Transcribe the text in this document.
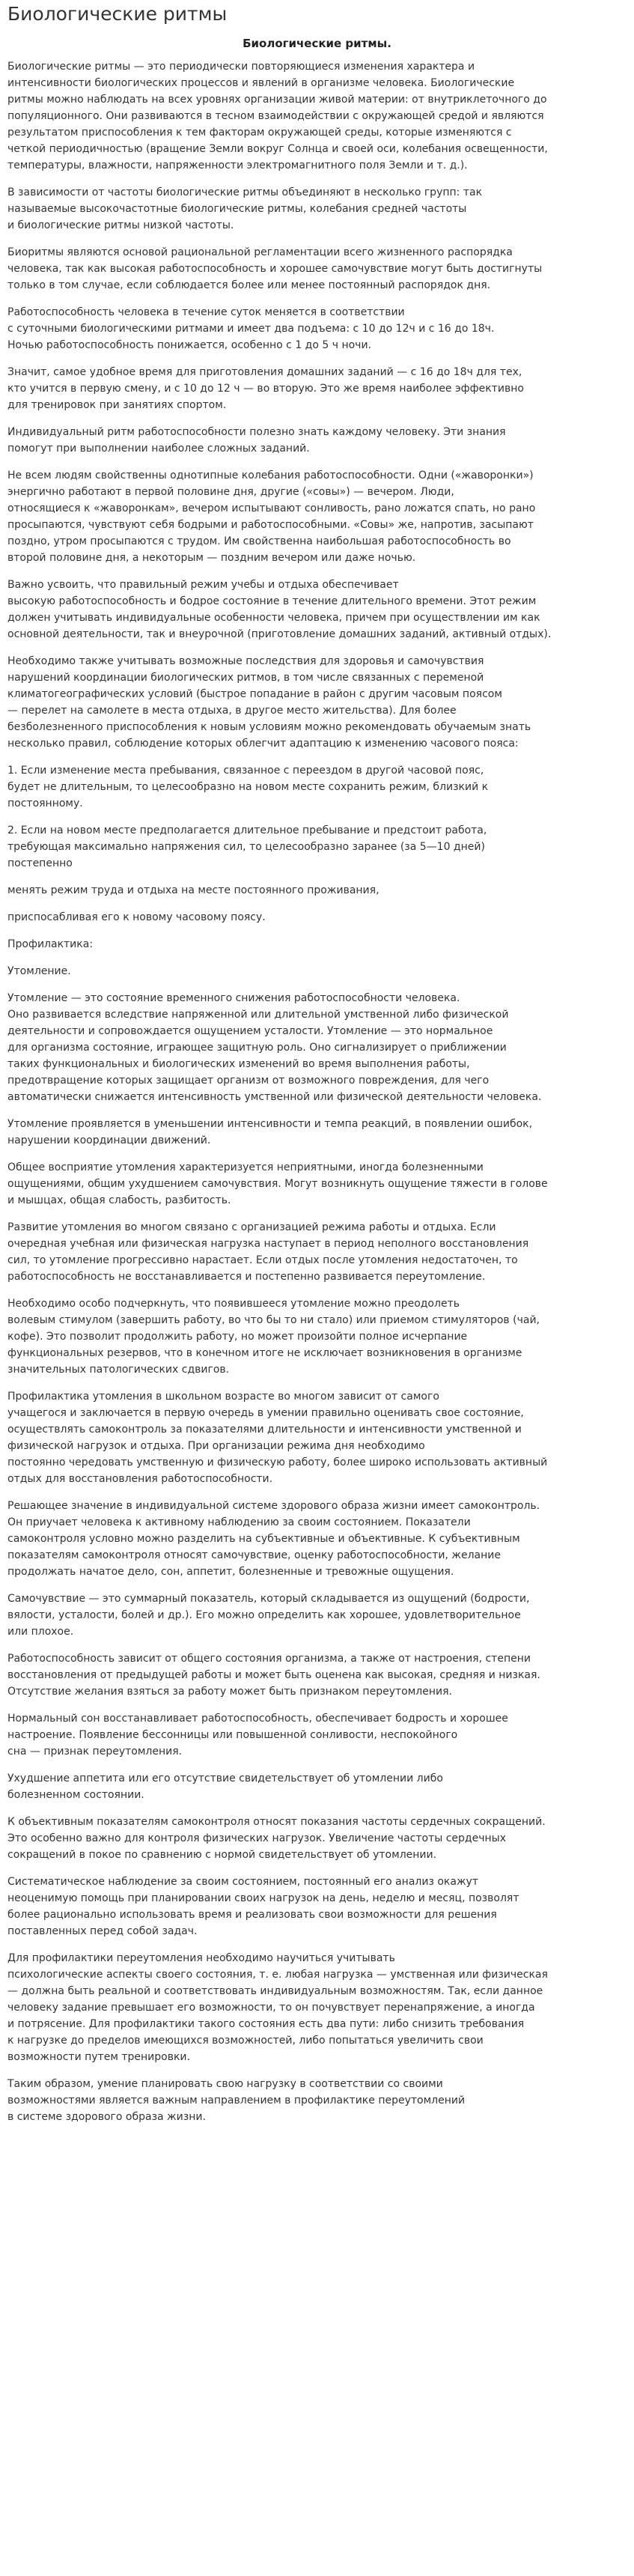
Биологические ритмы
Биологические ритмы.
Биологические ритмы — это периодически повторяющиеся изменения характера и
интенсивности биологических процессов и явлений в организме человека. Биологические
ритмы можно наблюдать на всех уровнях организации живой материи: от внутриклеточного до
популяционного. Они развиваются в тесном взаимодействии с окружающей средой и являются
результатом приспособления к тем факторам окружающей среды, которые изменяются с
четкой периодичностью (вращение Земли вокруг Солнца и своей оси, колебания освещенности,
температуры, влажности, напряженности электромагнитного поля Земли и т. д.).
В зависимости от частоты биологические ритмы объединяют в несколько групп: так
называемые высокочастотные биологические ритмы, колебания средней частоты
и биологические ритмы низкой частоты.
Биоритмы являются основой рациональной регламентации всего жизненного распорядка
человека, так как высокая работоспособность и хорошее самочувствие могут быть достигнуты
только в том случае, если соблюдается более или менее постоянный распорядок дня.
Работоспособность человека в течение суток меняется в соответствии
с суточными биологическими ритмами и имеет два подъема: с 10 до 12ч и с 16 до 18ч.
Ночью работоспособность понижается, особенно с 1 до 5 ч ночи.
Значит, самое удобное время для приготовления домашних заданий — с 16 до 18ч для тех,
кто учится в первую смену, и с 10 до 12 ч — во вторую. Это же время наиболее эффективно
для тренировок при занятиях спортом.
Индивидуальный ритм работоспособности полезно знать каждому человеку. Эти знания
помогут при выполнении наиболее сложных заданий.
Не всем людям свойственны однотипные колебания работоспособности. Одни («жаворонки»)
энергично работают в первой половине дня, другие («совы») — вечером. Люди,
относящиеся к «жаворонкам», вечером испытывают сонливость, рано ложатся спать, но рано
просыпаются, чувствуют себя бодрыми и работоспособными. «Совы» же, напротив, засыпают
поздно, утром просыпаются с трудом. Им свойственна наибольшая работоспособность во
второй половине дня, а некоторым — поздним вечером или даже ночью.
Важно усвоить, что правильный режим учебы и отдыха обеспечивает
высокую работоспособность и бодрое состояние в течение длительного времени. Этот режим
должен учитывать индивидуальные особенности человека, причем при осуществлении им как
основной деятельности, так и внеурочной (приготовление домашних заданий, активный отдых).
Необходимо также учитывать возможные последствия для здоровья и самочувствия
нарушений координации биологических ритмов, в том числе связанных с переменой
климатогеографических условий (быстрое попадание в район с другим часовым поясом
— перелет на самолете в места отдыха, в другое место жительства). Для более
безболезненного приспособления к новым условиям можно рекомендовать обучаемым знать
несколько правил, соблюдение которых облегчит адаптацию к изменению часового пояса:
1. Если изменение места пребывания, связанное с переездом в другой часовой пояс,
будет не длительным, то целесообразно на новом месте сохранить режим, близкий к
постоянному.
2. Если на новом месте предполагается длительное пребывание и предстоит работа,
требующая максимально напряжения сил, то целесообразно заранее (за 5—10 дней)
постепенно
менять режим труда и отдыха на месте постоянного проживания,
приспосабливая его к новому часовому поясу.
Профилактика:
Утомление.
Утомление — это состояние временного снижения работоспособности человека.
Оно развивается вследствие напряженной или длительной умственной либо физической
деятельности и сопровождается ощущением усталости. Утомление — это нормальное
для организма состояние, играющее защитную роль. Оно сигнализирует о приближении
таких функциональных и биологических изменений во время выполнения работы,
предотвращение которых защищает организм от возможного повреждения, для чего
автоматически снижается интенсивность умственной или физической деятельности человека.
Утомление проявляется в уменьшении интенсивности и темпа реакций, в появлении ошибок,
нарушении координации движений.
Общее восприятие утомления характеризуется неприятными, иногда болезненными
ощущениями, общим ухудшением самочувствия. Могут возникнуть ощущение тяжести в голове
и мышцах, общая слабость, разбитость.
Развитие утомления во многом связано с организацией режима работы и отдыха. Если
очередная учебная или физическая нагрузка наступает в период неполного восстановления
сил, то утомление прогрессивно нарастает. Если отдых после утомления недостаточен, то
работоспособность не восстанавливается и постепенно развивается переутомление.
Необходимо особо подчеркнуть, что появившееся утомление можно преодолеть
волевым стимулом (завершить работу, во что бы то ни стало) или приемом стимуляторов (чай,
кофе). Это позволит продолжить работу, но может произойти полное исчерпание
функциональных резервов, что в конечном итоге не исключает возникновения в организме
значительных патологических сдвигов.
Профилактика утомления в школьном возрасте во многом зависит от самого
учащегося и заключается в первую очередь в умении правильно оценивать свое состояние,
осуществлять самоконтроль за показателями длительности и интенсивности умственной и
физической нагрузок и отдыха. При организации режима дня необходимо
постоянно чередовать умственную и физическую работу, более широко использовать активный
отдых для восстановления работоспособности.
Решающее значение в индивидуальной системе здорового образа жизни имеет самоконтроль.
Он приучает человека к активному наблюдению за своим состоянием. Показатели
самоконтроля условно можно разделить на субъективные и объективные. К субъективным
показателям самоконтроля относят самочувствие, оценку работоспособности, желание
продолжать начатое дело, сон, аппетит, болезненные и тревожные ощущения.
Самочувствие — это суммарный показатель, который складывается из ощущений (бодрости,
вялости, усталости, болей и др.). Его можно определить как хорошее, удовлетворительное
или плохое.
Работоспособность зависит от общего состояния организма, а также от настроения, степени
восстановления от предыдущей работы и может быть оценена как высокая, средняя и низкая.
Отсутствие желания взяться за работу может быть признаком переутомления.
Нормальный сон восстанавливает работоспособность, обеспечивает бодрость и хорошее
настроение. Появление бессонницы или повышенной сонливости, неспокойного
сна — признак переутомления.
Ухудшение аппетита или его отсутствие свидетельствует об утомлении либо
болезненном состоянии.
К объективным показателям самоконтроля относят показания частоты сердечных сокращений.
Это особенно важно для контроля физических нагрузок. Увеличение частоты сердечных
сокращений в покое по сравнению с нормой свидетельствует об утомлении.
Систематическое наблюдение за своим состоянием, постоянный его анализ окажут
неоценимую помощь при планировании своих нагрузок на день, неделю и месяц, позволят
более рационально использовать время и реализовать свои возможности для решения
поставленных перед собой задач.
Для профилактики переутомления необходимо научиться учитывать
психологические аспекты своего состояния, т. е. любая нагрузка — умственная или физическая
— должна быть реальной и соответствовать индивидуальным возможностям. Так, если данное
человеку задание превышает его возможности, то он почувствует перенапряжение, а иногда
и потрясение. Для профилактики такого состояния есть два пути: либо снизить требования
к нагрузке до пределов имеющихся возможностей, либо попытаться увеличить свои
возможности путем тренировки.
Таким образом, умение планировать свою нагрузку в соответствии со своими
возможностями является важным направлением в профилактике переутомлений
в системе здорового образа жизни.
